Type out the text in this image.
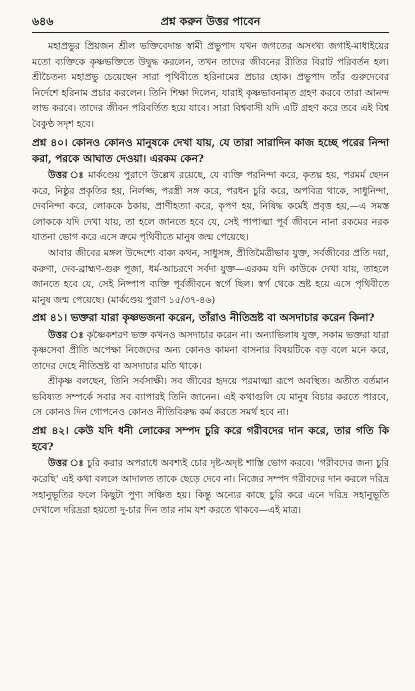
৬৪৬	প্রশ্ন করুন উত্তর পাবেন

মহাপ্রভুর প্রিয়জন শ্রীল ভক্তিবেদান্ত স্বামী প্রভুপাদ যখন জগতের অসংখ্য জগাই-মাধাইয়ের মতো ব্যক্তিকে কৃষ্ণভক্তিতে উদ্বুদ্ধ করলেন, তখন তাদের জীবনের রীতির বিরাট পরিবর্তন হল। শ্রীচৈতন্য মহাপ্রভু চেয়েছেন সারা পৃথিবীতে হরিনামের প্রচার হোক। প্রভুপাদ তাঁর গুরুদেবের নির্দেশে হরিনাম প্রচার করলেন। তিনি শিক্ষা দিলেন, যারাই কৃষ্ণভাবনামৃত গ্রহণ করবে তারা আনন্দ লাভ করবে। তাদের জীবন পরিবর্তিত হয়ে যাবে। সারা বিশ্ববাসী যদি এটি গ্রহণ করে তবে এই বিশ্ব বৈকুণ্ঠ সদৃশ হবে।

প্রশ্ন ৪০। কোনও কোনও মানুষকে দেখা যায়, যে তারা সারাদিন কাজ হচ্ছে পরের নিন্দা করা, পরকে আঘাত দেওয়া। এরকম কেন?

উত্তর ঃ মার্কণ্ডেয় পুরাণে উল্লেখ রয়েছে, যে ব্যক্তি পরনিন্দা করে, কৃতঘ্ন হয়, পরমর্ম ছেদন করে, নিষ্ঠুর প্রকৃতির হয়, নির্লজ্জ, পরস্ত্রী সঙ্গ করে, পরধন চুরি করে, অপবিত্র থাকে, সাধুনিন্দা, দেবনিন্দা করে, লোককে ঠকায়, প্রাণীহত্যা করে, কৃপণ হয়, নিষিদ্ধ কর্মেই প্রবৃত্ত হয়,—এ সমস্ত লোককে যদি দেখা যায়, তা হলে জানতে হবে যে, সেই পাপাত্মা পূর্ব জীবনে নানা রকমের নরক যাতনা ভোগ করে এসে ক্রমে পৃথিবীতে মানুষ জন্ম পেয়েছে।

আবার জীবের মঙ্গল উদ্দেশ্যে বাক্য কথন, সাধুসঙ্গ, প্রীতিমৈত্রীভাব যুক্ত, সর্বজীবের প্রতি দয়া, করুণা, দেব-ব্রাহ্মণ-গুরু পূজা, ধর্ম-আচরণে সর্বদা যুক্ত—এরকম যদি কাউকে দেখা যায়, তাহলে জানতে হবে যে, সেই নিষ্পাপ ব্যক্তি পূর্বজীবনে স্বর্গে ছিল। স্বর্গ থেকে ভ্রষ্ট হয়ে এসে পৃথিবীতে মানুষ জন্ম পেয়েছে। (মার্কণ্ডেয় পুরাণ ১৫/৩৭-৪৬)

প্রশ্ন ৪১। ভক্তরা যারা কৃষ্ণভজনা করেন, তাঁরাও নীতিভ্রষ্ট বা অসদাচার করেন কিনা?

উত্তর ঃ কৃষ্ণৈকশরণ ভক্ত কখনও অসদাচার করেন না। অন্যাভিলাষ যুক্ত, সকাম ভক্তরা যারা কৃষ্ণসেবা প্রীতি অপেক্ষা নিজেদের অন্য কোনও কামনা বাসনার বিষয়টিকে বড় বলে মনে করে, তাদের দেহে নীতিভ্রষ্ট বা অসদাচার মতি থাকে।

শ্রীকৃষ্ণ বলছেন, তিনি সর্বসাক্ষী। সব জীবের হৃদয়ে পরমাত্মা রূপে অবস্থিত। অতীত বর্তমান ভবিষ্যত সম্পর্কে সবার সব ব্যাপারই তিনি জানেন। এই কথাগুলি যে মানুষ বিচার করতে পারবে, সে কোনও দিন গোপনেও কোনও নীতিবিরুদ্ধ কর্ম করতে সমর্থ হবে না।

প্রশ্ন ৪২। কেউ যদি ধনী লোকের সম্পদ চুরি করে গরীবদের দান করে, তার গতি কি হবে?

উত্তর ঃ চুরি করার অপরাধে অবশ্যই চোর দৃষ্ট-অদৃষ্ট শাস্তি ভোগ করবে। 'গরীবদের জন্য চুরি করেছি' এই কথা বললে আদালত তাকে ছেড়ে দেবে না। নিজের সম্পদ গরীবদের দান করলে দরিদ্র সহানুভূতির ফলে কিছুটা পুণ্য সঞ্চিত হয়। কিন্তু অন্যের কাছে চুরি করে এনে দরিদ্র সহানুভূতি দেখালে দরিদ্ররা হয়তো দু-চার দিন তার নাম যশ করতে থাকবে—এই মাত্র।
